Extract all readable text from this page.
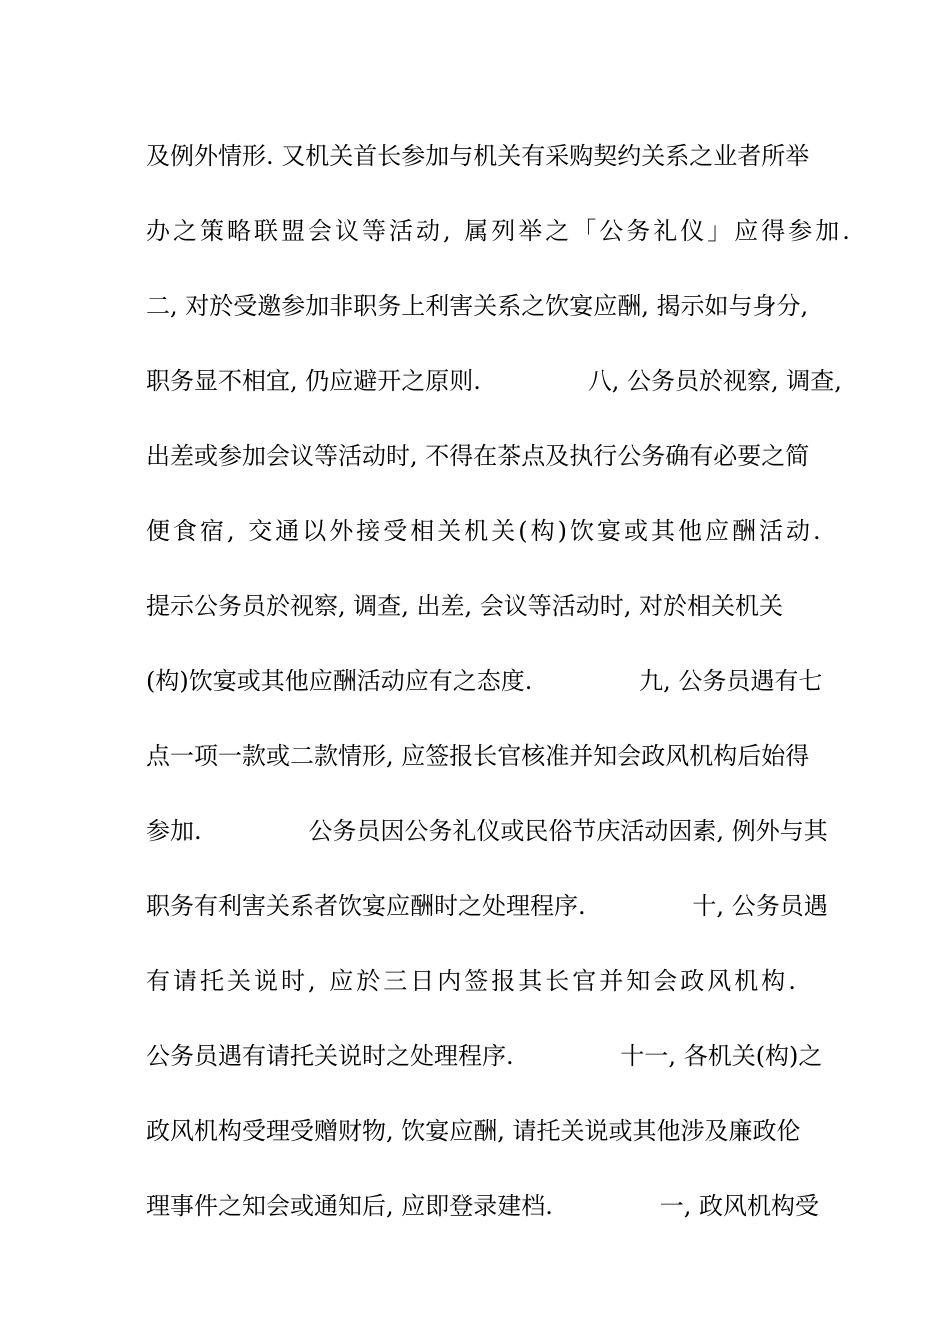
及例外情形. 又机关首长参加与机关有采购契约关系之业者所举
办之策略联盟会议等活动, 属列举之「公务礼仪」应得参加.
二, 对於受邀参加非职务上利害关系之饮宴应酬, 揭示如与身分,
职务显不相宜, 仍应避开之原则.              八, 公务员於视察, 调查,
出差或参加会议等活动时, 不得在茶点及执行公务确有必要之简
便食宿, 交通以外接受相关机关(构)饮宴或其他应酬活动.
提示公务员於视察, 调查, 出差, 会议等活动时, 对於相关机关
(构)饮宴或其他应酬活动应有之态度.              九, 公务员遇有七
点一项一款或二款情形, 应签报长官核准并知会政风机构后始得
参加.              公务员因公务礼仪或民俗节庆活动因素, 例外与其
职务有利害关系者饮宴应酬时之处理程序.              十, 公务员遇
有请托关说时, 应於三日内签报其长官并知会政风机构.
公务员遇有请托关说时之处理程序.              十一, 各机关(构)之
政风机构受理受赠财物, 饮宴应酬, 请托关说或其他涉及廉政伦
理事件之知会或通知后, 应即登录建档.              一, 政风机构受
